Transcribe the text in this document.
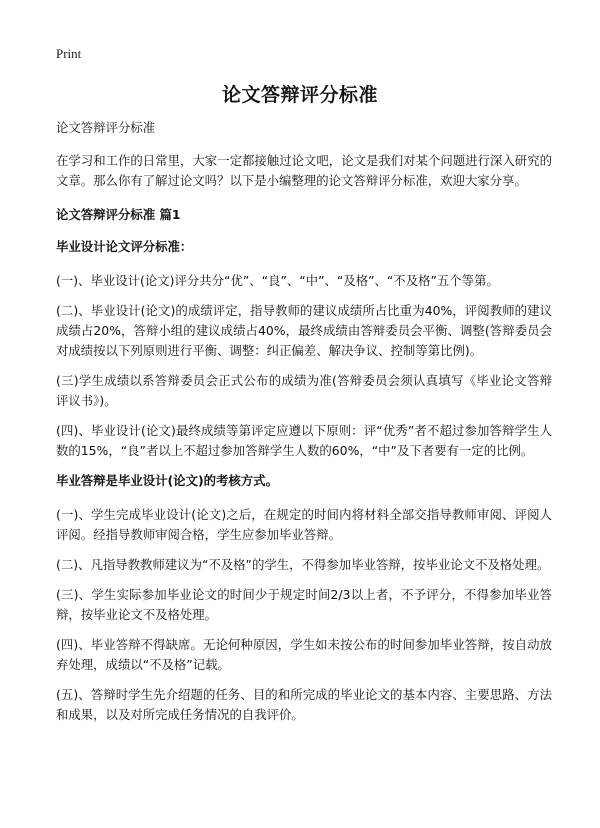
Print
论文答辩评分标准

论文答辩评分标准

在学习和工作的日常里，大家一定都接触过论文吧，论文是我们对某个问题进行深入研究的文章。那么你有了解过论文吗？以下是小编整理的论文答辩评分标准，欢迎大家分享。

论文答辩评分标准 篇1
毕业设计论文评分标准：

(一)、毕业设计(论文)评分共分“优”、“良”、“中”、“及格”、“不及格”五个等第。

(二)、毕业设计(论文)的成绩评定，指导教师的建议成绩所占比重为40%，评阅教师的建议成绩占20%，答辩小组的建议成绩占40%，最终成绩由答辩委员会平衡、调整(答辩委员会对成绩按以下列原则进行平衡、调整：纠正偏差、解决争议、控制等第比例)。

(三)学生成绩以系答辩委员会正式公布的成绩为准(答辩委员会须认真填写《毕业论文答辩评议书》)。

(四)、毕业设计(论文)最终成绩等第评定应遵以下原则：评“优秀”者不超过参加答辩学生人数的15%，“良”者以上不超过参加答辩学生人数的60%，“中”及下者要有一定的比例。

毕业答辩是毕业设计(论文)的考核方式。

(一)、学生完成毕业设计(论文)之后，在规定的时间内将材料全部交指导教师审阅、评阅人评阅。经指导教师审阅合格，学生应参加毕业答辩。

(二)、凡指导教教师建议为“不及格”的学生，不得参加毕业答辩，按毕业论文不及格处理。

(三)、学生实际参加毕业论文的时间少于规定时间2/3以上者，不予评分，不得参加毕业答辩，按毕业论文不及格处理。

(四)、毕业答辩不得缺席。无论何种原因，学生如未按公布的时间参加毕业答辩，按自动放弃处理，成绩以“不及格”记载。

(五)、答辩时学生先介绍题的任务、目的和所完成的毕业论文的基本内容、主要思路、方法和成果，以及对所完成任务情况的自我评价。
